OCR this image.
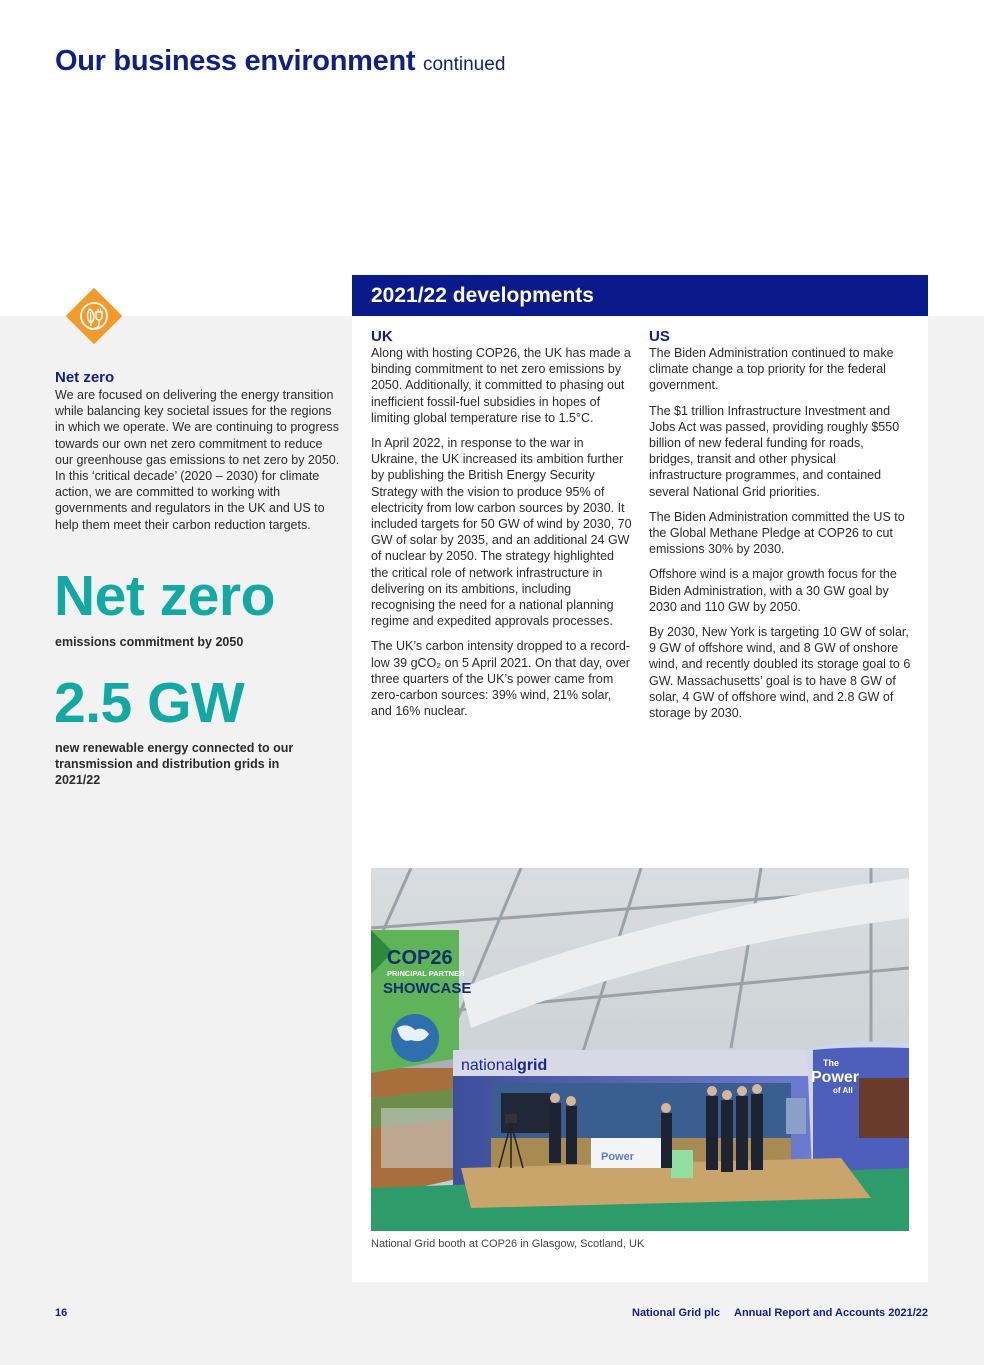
Our business environment continued
Net zero

We are focused on delivering the energy transition while balancing key societal issues for the regions in which we operate. We are continuing to progress towards our own net zero commitment to reduce our greenhouse gas emissions to net zero by 2050. In this ‘critical decade’ (2020 – 2030) for climate action, we are committed to working with governments and regulators in the UK and US to help them meet their carbon reduction targets.

Net zero
emissions commitment by 2050
2.5 GW
new renewable energy connected to our transmission and distribution grids in 2021/22
2021/22 developments
UK

Along with hosting COP26, the UK has made a binding commitment to net zero emissions by 2050. Additionally, it committed to phasing out inefficient fossil-fuel subsidies in hopes of limiting global temperature rise to 1.5°C.

In April 2022, in response to the war in Ukraine, the UK increased its ambition further by publishing the British Energy Security Strategy with the vision to produce 95% of electricity from low carbon sources by 2030. It included targets for 50 GW of wind by 2030, 70 GW of solar by 2035, and an additional 24 GW of nuclear by 2050. The strategy highlighted the critical role of network infrastructure in delivering on its ambitions, including recognising the need for a national planning regime and expedited approvals processes.

The UK’s carbon intensity dropped to a record-low 39 gCO₂ on 5 April 2021. On that day, over three quarters of the UK’s power came from zero-carbon sources: 39% wind, 21% solar, and 16% nuclear.

US

The Biden Administration continued to make climate change a top priority for the federal government.

The $1 trillion Infrastructure Investment and Jobs Act was passed, providing roughly $550 billion of new federal funding for roads, bridges, transit and other physical infrastructure programmes, and contained several National Grid priorities.

The Biden Administration committed the US to the Global Methane Pledge at COP26 to cut emissions 30% by 2030.

Offshore wind is a major growth focus for the Biden Administration, with a 30 GW goal by 2030 and 110 GW by 2050.

By 2030, New York is targeting 10 GW of solar, 9 GW of offshore wind, and 8 GW of onshore wind, and recently doubled its storage goal to 6 GW. Massachusetts’ goal is to have 8 GW of solar, 4 GW of offshore wind, and 2.8 GW of storage by 2030.

COP26
PRINCIPAL PARTNER
SHOWCASE
nationalgrid	The
Power
of All
Power
National Grid booth at COP26 in Glasgow, Scotland, UK
16	National Grid plc Annual Report and Accounts 2021/22
